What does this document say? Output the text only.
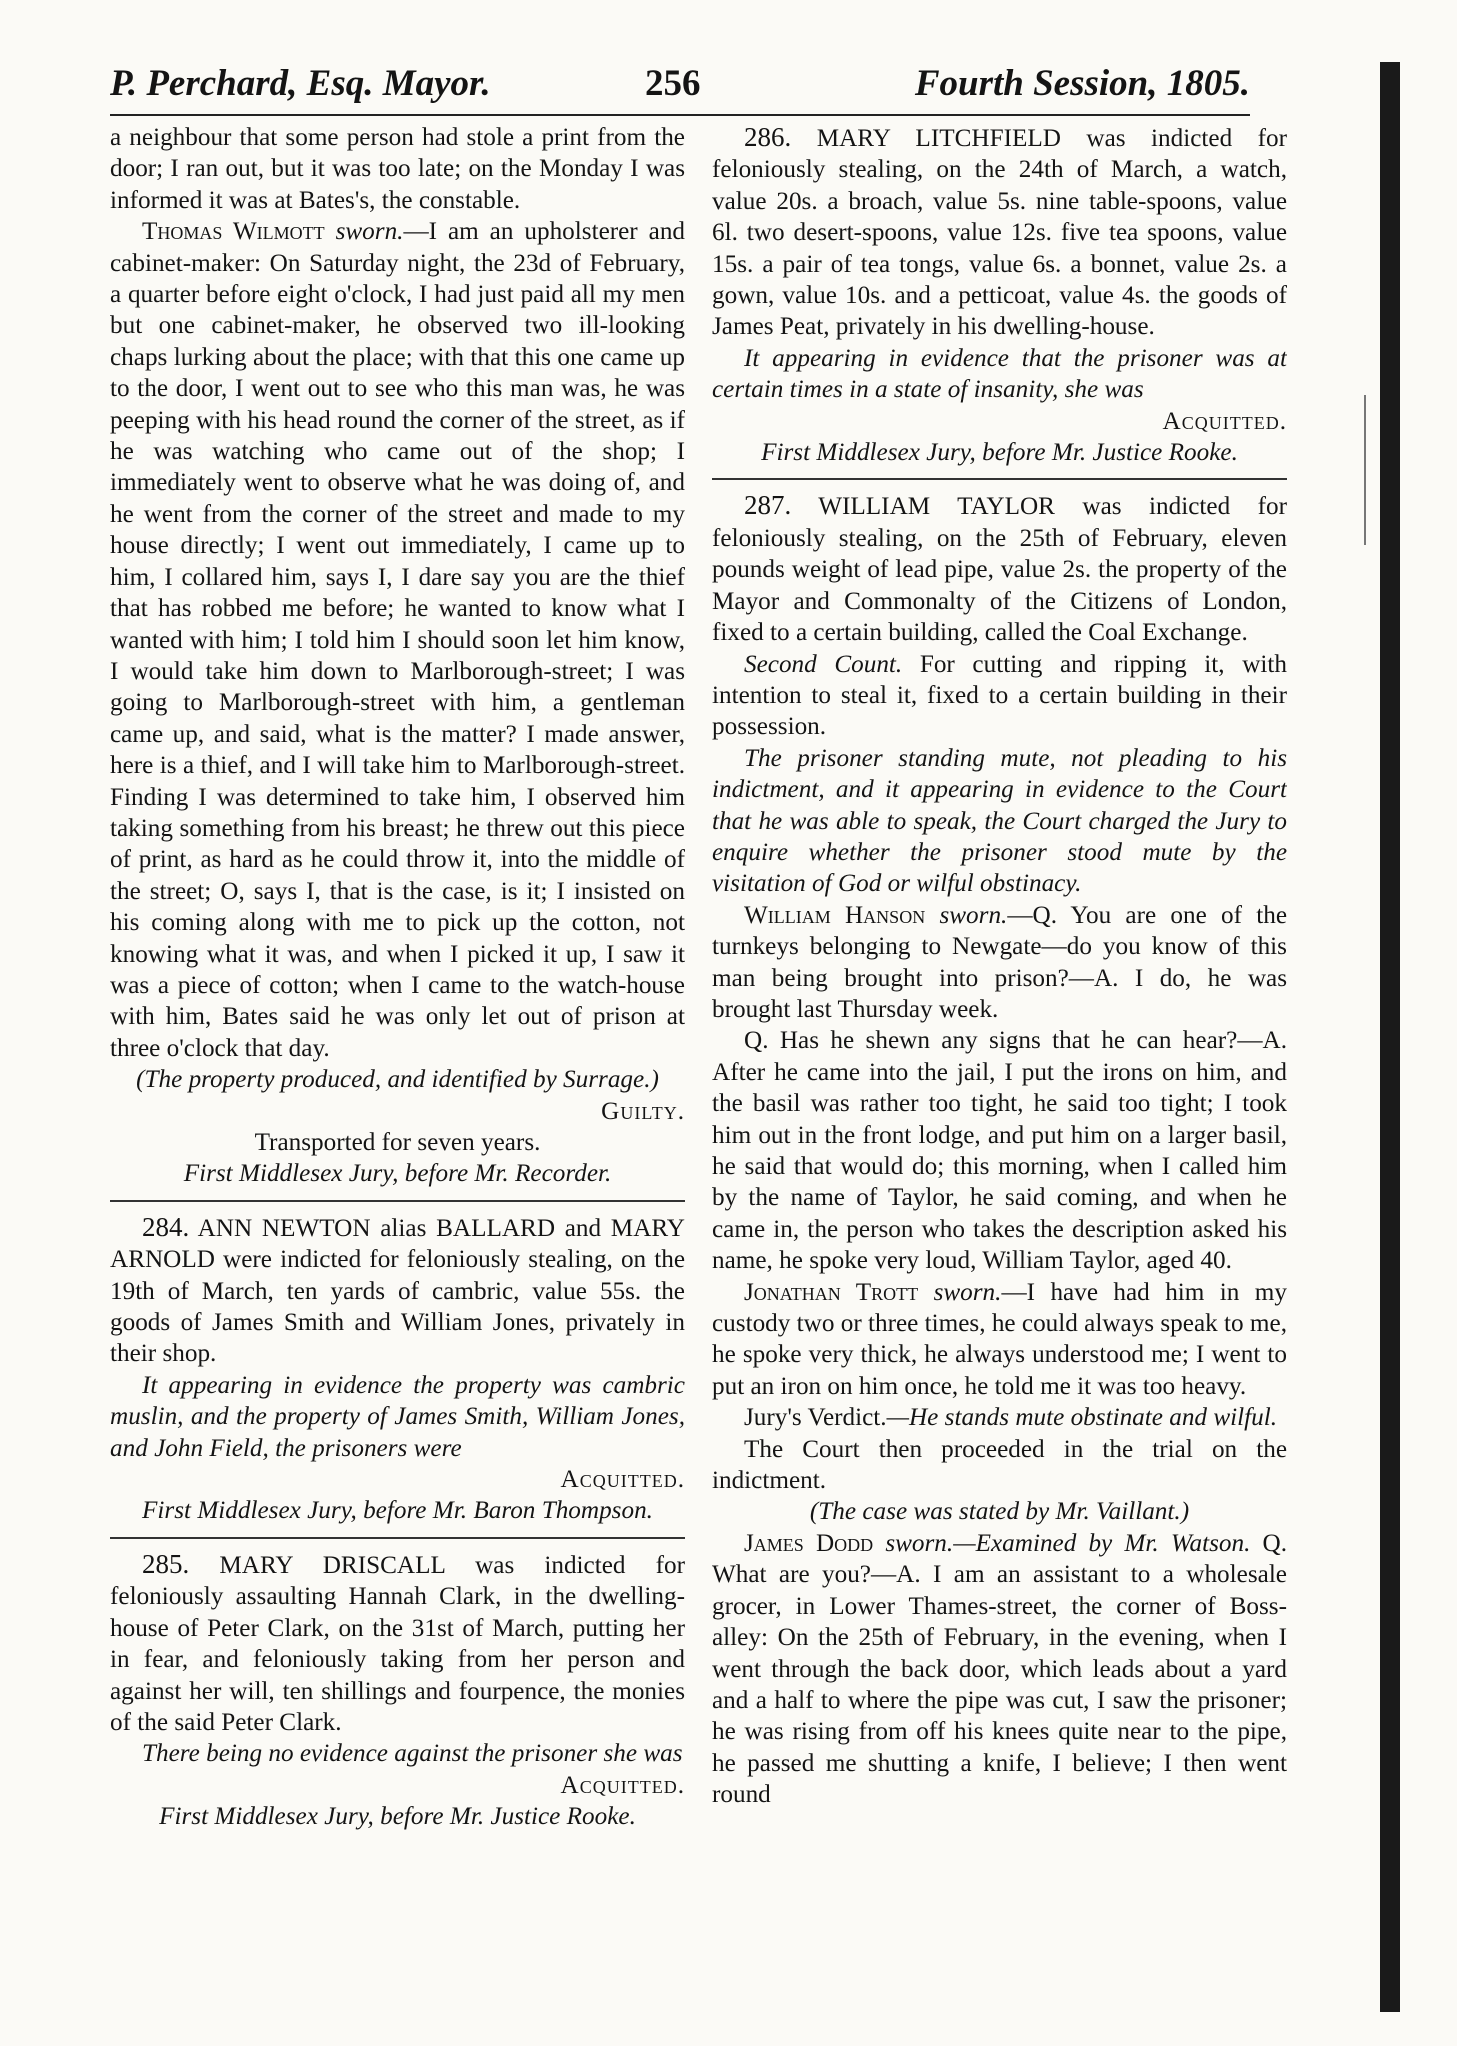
P. Perchard, Esq. Mayor.	256	Fourth Session, 1805.

a neighbour that some person had stole a print from the door; I ran out, but it was too late; on the Monday I was informed it was at Bates's, the constable.

Thomas Wilmott sworn.—I am an upholsterer and cabinet-maker: On Saturday night, the 23d of February, a quarter before eight o'clock, I had just paid all my men but one cabinet-maker, he observed two ill-looking chaps lurking about the place; with that this one came up to the door, I went out to see who this man was, he was peeping with his head round the corner of the street, as if he was watching who came out of the shop; I immediately went to observe what he was doing of, and he went from the corner of the street and made to my house directly; I went out immediately, I came up to him, I collared him, says I, I dare say you are the thief that has robbed me before; he wanted to know what I wanted with him; I told him I should soon let him know, I would take him down to Marlborough-street; I was going to Marlborough-street with him, a gentleman came up, and said, what is the matter? I made answer, here is a thief, and I will take him to Marlborough-street. Finding I was determined to take him, I observed him taking something from his breast; he threw out this piece of print, as hard as he could throw it, into the middle of the street; O, says I, that is the case, is it; I insisted on his coming along with me to pick up the cotton, not knowing what it was, and when I picked it up, I saw it was a piece of cotton; when I came to the watch-house with him, Bates said he was only let out of prison at three o'clock that day.

(The property produced, and identified by Surrage.)

Guilty.

Transported for seven years.

First Middlesex Jury, before Mr. Recorder.

284. ANN NEWTON alias BALLARD and MARY ARNOLD were indicted for feloniously stealing, on the 19th of March, ten yards of cambric, value 55s. the goods of James Smith and William Jones, privately in their shop.

It appearing in evidence the property was cambric muslin, and the property of James Smith, William Jones, and John Field, the prisoners were

Acquitted.

First Middlesex Jury, before Mr. Baron Thompson.

285. MARY DRISCALL was indicted for feloniously assaulting Hannah Clark, in the dwelling-house of Peter Clark, on the 31st of March, putting her in fear, and feloniously taking from her person and against her will, ten shillings and fourpence, the monies of the said Peter Clark.

There being no evidence against the prisoner she was

Acquitted.

First Middlesex Jury, before Mr. Justice Rooke.

286. MARY LITCHFIELD was indicted for feloniously stealing, on the 24th of March, a watch, value 20s. a broach, value 5s. nine table-spoons, value 6l. two desert-spoons, value 12s. five tea spoons, value 15s. a pair of tea tongs, value 6s. a bonnet, value 2s. a gown, value 10s. and a petticoat, value 4s. the goods of James Peat, privately in his dwelling-house.

It appearing in evidence that the prisoner was at certain times in a state of insanity, she was

Acquitted.

First Middlesex Jury, before Mr. Justice Rooke.

287. WILLIAM TAYLOR was indicted for feloniously stealing, on the 25th of February, eleven pounds weight of lead pipe, value 2s. the property of the Mayor and Commonalty of the Citizens of London, fixed to a certain building, called the Coal Exchange.

Second Count. For cutting and ripping it, with intention to steal it, fixed to a certain building in their possession.

The prisoner standing mute, not pleading to his indictment, and it appearing in evidence to the Court that he was able to speak, the Court charged the Jury to enquire whether the prisoner stood mute by the visitation of God or wilful obstinacy.

William Hanson sworn.—Q. You are one of the turnkeys belonging to Newgate—do you know of this man being brought into prison?—A. I do, he was brought last Thursday week.

Q. Has he shewn any signs that he can hear?—A. After he came into the jail, I put the irons on him, and the basil was rather too tight, he said too tight; I took him out in the front lodge, and put him on a larger basil, he said that would do; this morning, when I called him by the name of Taylor, he said coming, and when he came in, the person who takes the description asked his name, he spoke very loud, William Taylor, aged 40.

Jonathan Trott sworn.—I have had him in my custody two or three times, he could always speak to me, he spoke very thick, he always understood me; I went to put an iron on him once, he told me it was too heavy.

Jury's Verdict.—He stands mute obstinate and wilful.

The Court then proceeded in the trial on the indictment.

(The case was stated by Mr. Vaillant.)

James Dodd sworn.—Examined by Mr. Watson. Q. What are you?—A. I am an assistant to a wholesale grocer, in Lower Thames-street, the corner of Boss-alley: On the 25th of February, in the evening, when I went through the back door, which leads about a yard and a half to where the pipe was cut, I saw the prisoner; he was rising from off his knees quite near to the pipe, he passed me shutting a knife, I believe; I then went round
